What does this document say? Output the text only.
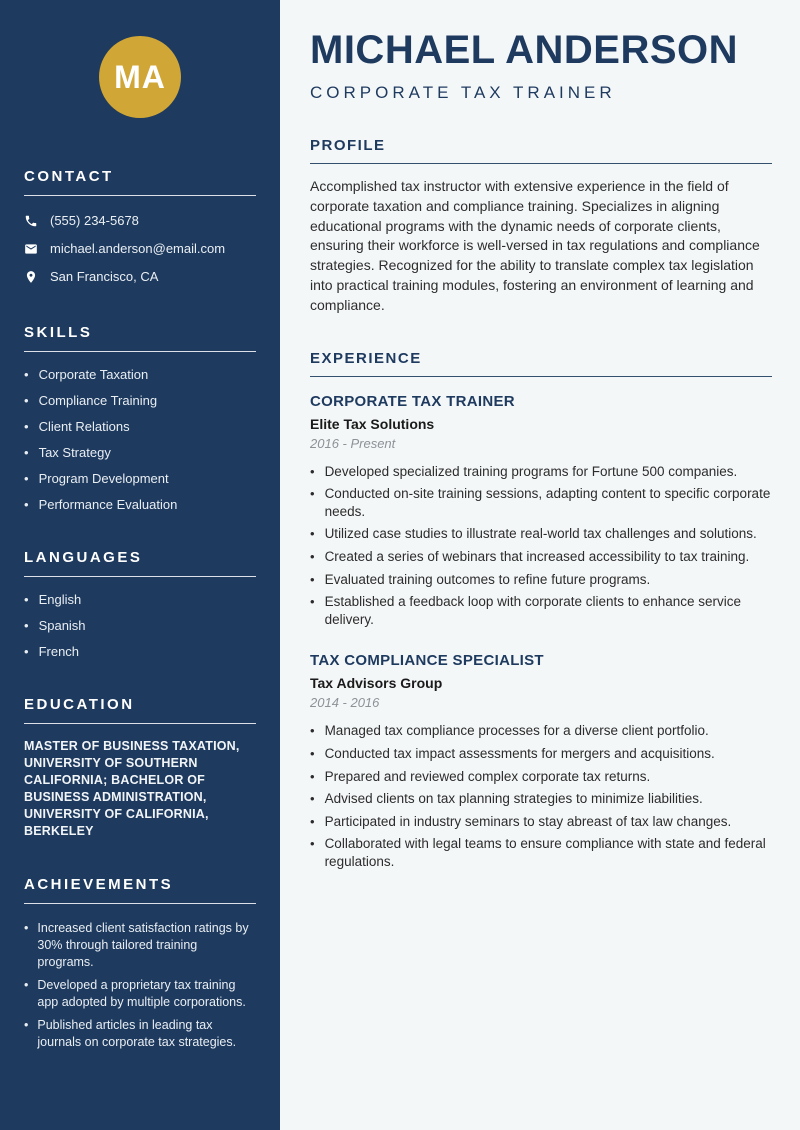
MA
CONTACT
(555) 234-5678
michael.anderson@email.com
San Francisco, CA
SKILLS
• Corporate Taxation
• Compliance Training
• Client Relations
• Tax Strategy
• Program Development
• Performance Evaluation
LANGUAGES
• English
• Spanish
• French
EDUCATION

MASTER OF BUSINESS TAXATION, UNIVERSITY OF SOUTHERN CALIFORNIA; BACHELOR OF BUSINESS ADMINISTRATION, UNIVERSITY OF CALIFORNIA, BERKELEY

ACHIEVEMENTS
• Increased client satisfaction ratings by 30% through tailored training programs.
• Developed a proprietary tax training app adopted by multiple corporations.
• Published articles in leading tax journals on corporate tax strategies.
MICHAEL ANDERSON
CORPORATE TAX TRAINER
PROFILE

Accomplished tax instructor with extensive experience in the field of corporate taxation and compliance training. Specializes in aligning educational programs with the dynamic needs of corporate clients, ensuring their workforce is well-versed in tax regulations and compliance strategies. Recognized for the ability to translate complex tax legislation into practical training modules, fostering an environment of learning and compliance.

EXPERIENCE
CORPORATE TAX TRAINER
Elite Tax Solutions
2016 - Present
• Developed specialized training programs for Fortune 500 companies.
• Conducted on-site training sessions, adapting content to specific corporate needs.
• Utilized case studies to illustrate real-world tax challenges and solutions.
• Created a series of webinars that increased accessibility to tax training.
• Evaluated training outcomes to refine future programs.
• Established a feedback loop with corporate clients to enhance service delivery.
TAX COMPLIANCE SPECIALIST
Tax Advisors Group
2014 - 2016
• Managed tax compliance processes for a diverse client portfolio.
• Conducted tax impact assessments for mergers and acquisitions.
• Prepared and reviewed complex corporate tax returns.
• Advised clients on tax planning strategies to minimize liabilities.
• Participated in industry seminars to stay abreast of tax law changes.
• Collaborated with legal teams to ensure compliance with state and federal regulations.
